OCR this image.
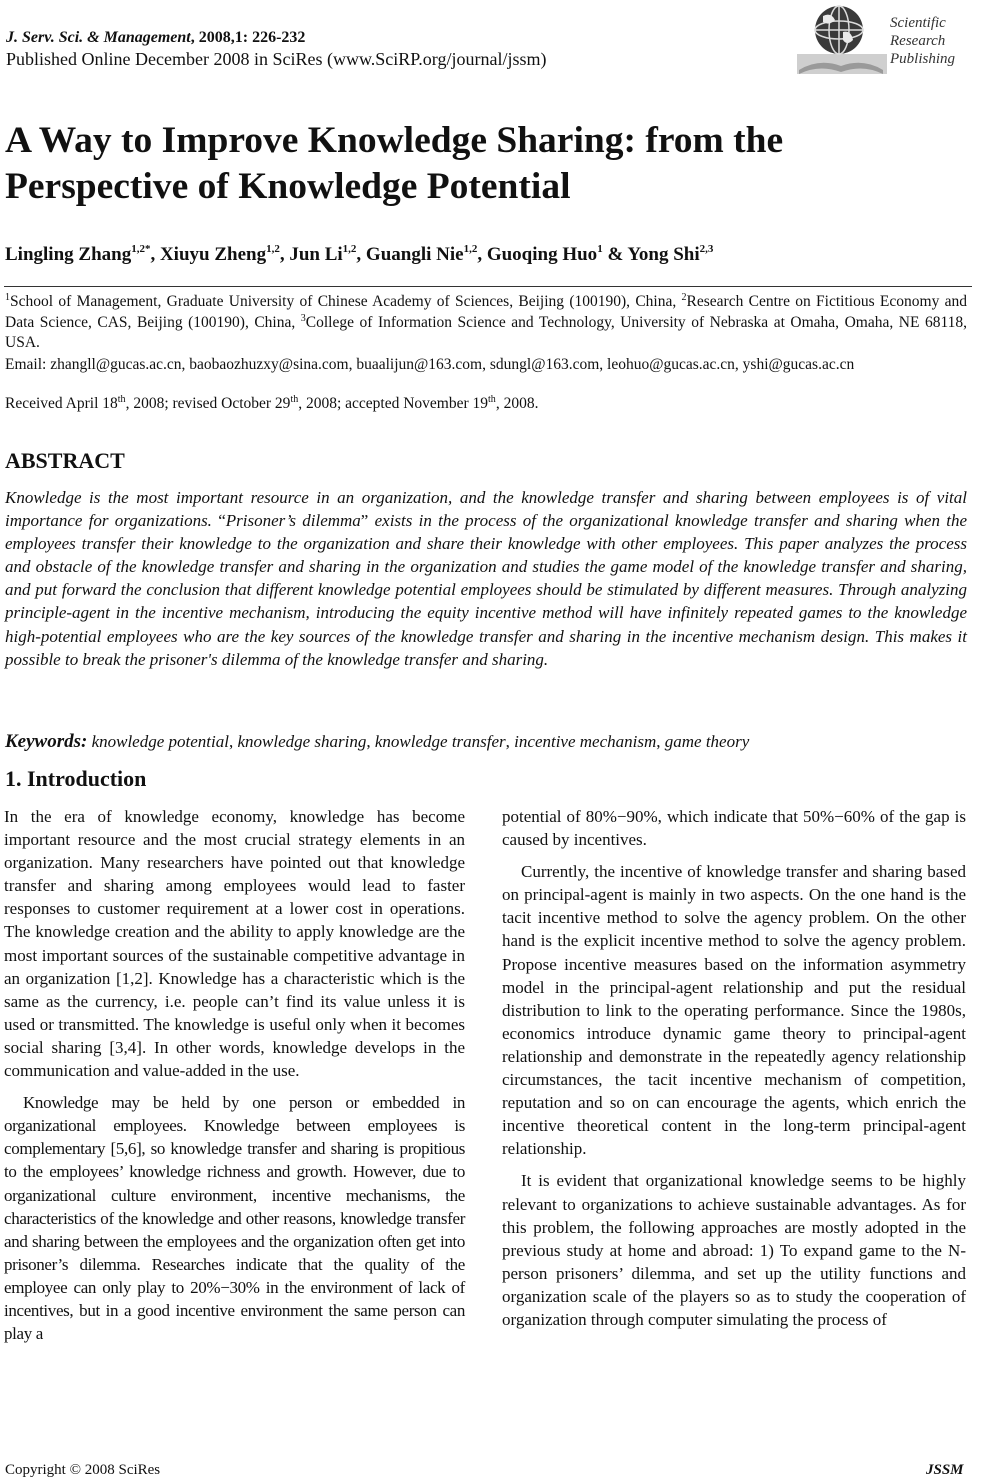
J. Serv. Sci. & Management, 2008,1: 226-232
Published Online December 2008 in SciRes (www.SciRP.org/journal/jssm)
Scientific
Research
Publishing
A Way to Improve Knowledge Sharing: from the
Perspective of Knowledge Potential
Lingling Zhang$^{1,2*}$, Xiuyu Zheng$^{1,2}$, Jun Li$^{1,2}$, Guangli Nie$^{1,2}$, Guoqing Huo$^1$ & Yong Shi$^{2,3}$
$^1$School of Management, Graduate University of Chinese Academy of Sciences, Beijing (100190), China, $^2$Research Centre on Fictitious Economy and Data Science, CAS, Beijing (100190), China, $^3$College of Information Science and Technology, University of Nebraska at Omaha, Omaha, NE 68118, USA.
Email: zhangll@gucas.ac.cn, baobaozhuzxy@sina.com, buaalijun@163.com, sdungl@163.com, leohuo@gucas.ac.cn, yshi@gucas.ac.cn
Received April 18th, 2008; revised October 29th, 2008; accepted November 19th, 2008.
ABSTRACT

Knowledge is the most important resource in an organization, and the knowledge transfer and sharing between employees is of vital importance for organizations. “Prisoner’s dilemma” exists in the process of the organizational knowledge transfer and sharing when the employees transfer their knowledge to the organization and share their knowledge with other employees. This paper analyzes the process and obstacle of the knowledge transfer and sharing in the organization and studies the game model of the knowledge transfer and sharing, and put forward the conclusion that different knowledge potential employees should be stimulated by different measures. Through analyzing principle-agent in the incentive mechanism, introducing the equity incentive method will have infinitely repeated games to the knowledge high-potential employees who are the key sources of the knowledge transfer and sharing in the incentive mechanism design. This makes it possible to break the prisoner's dilemma of the knowledge transfer and sharing.

Keywords: knowledge potential, knowledge sharing, knowledge transfer, incentive mechanism, game theory
1. Introduction

In the era of knowledge economy, knowledge has become important resource and the most crucial strategy elements in an organization. Many researchers have pointed out that knowledge transfer and sharing among employees would lead to faster responses to customer requirement at a lower cost in operations. The knowledge creation and the ability to apply knowledge are the most important sources of the sustainable competitive advantage in an organization [1,2]. Knowledge has a characteristic which is the same as the currency, i.e. people can’t find its value unless it is used or transmitted. The knowledge is useful only when it becomes social sharing [3,4]. In other words, knowledge develops in the communication and value-added in the use.

Knowledge may be held by one person or embedded in organizational employees. Knowledge between employees is complementary [5,6], so knowledge transfer and sharing is propitious to the employees’ knowledge richness and growth. However, due to organizational culture environment, incentive mechanisms, the characteristics of the knowledge and other reasons, knowledge transfer and sharing between the employees and the organization often get into prisoner’s dilemma. Researches indicate that the quality of the employee can only play to 20%−30% in the environment of lack of incentives, but in a good incentive environment the same person can play a

potential of 80%−90%, which indicate that 50%−60% of the gap is caused by incentives.

Currently, the incentive of knowledge transfer and sharing based on principal-agent is mainly in two aspects. On the one hand is the tacit incentive method to solve the agency problem. On the other hand is the explicit incentive method to solve the agency problem. Propose incentive measures based on the information asymmetry model in the principal-agent relationship and put the residual distribution to link to the operating performance. Since the 1980s, economics introduce dynamic game theory to principal-agent relationship and demonstrate in the repeatedly agency relationship circumstances, the tacit incentive mechanism of competition, reputation and so on can encourage the agents, which enrich the incentive theoretical content in the long-term principal-agent relationship.

It is evident that organizational knowledge seems to be highly relevant to organizations to achieve sustainable advantages. As for this problem, the following approaches are mostly adopted in the previous study at home and abroad: 1) To expand game to the N-person prisoners’ dilemma, and set up the utility functions and organization scale of the players so as to study the cooperation of organization through computer simulating the process of

Copyright © 2008 SciRes	JSSM
